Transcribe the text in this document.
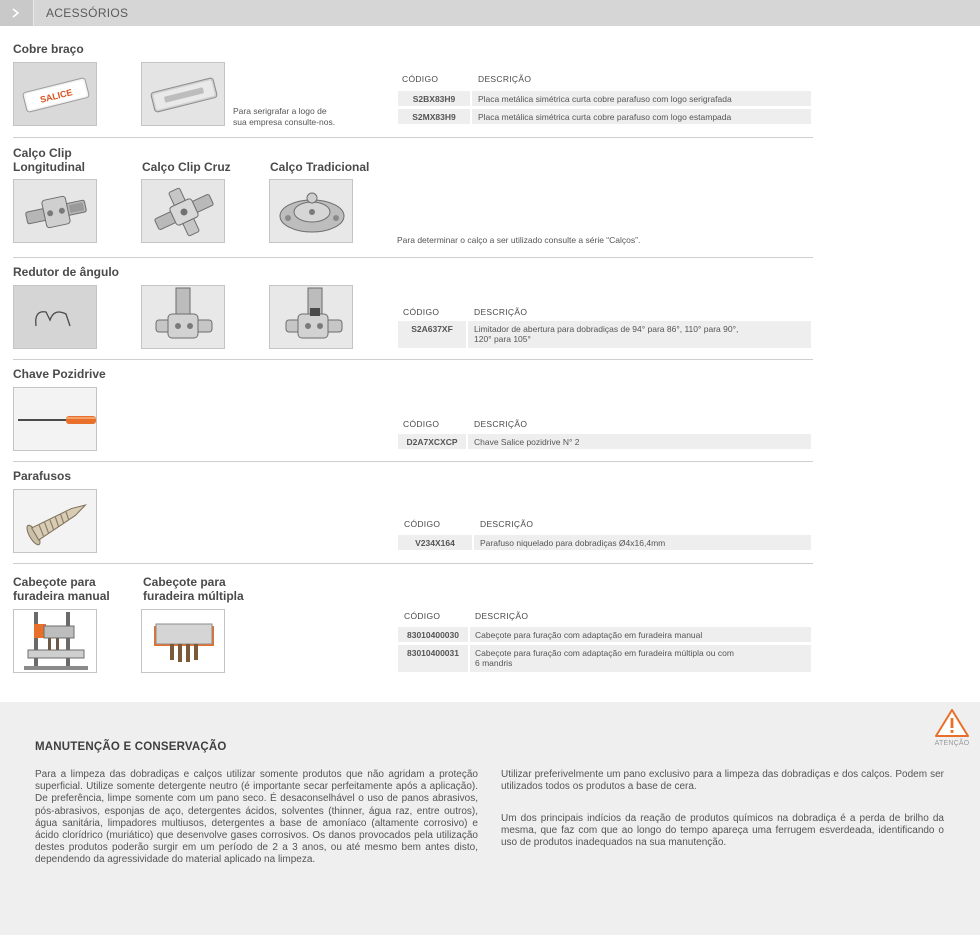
ACESSÓRIOS
Cobre braço
SALICE
Para serigrafar a logo de
sua empresa consulte-nos.
CÓDIGO	DESCRIÇÃO
S2BX83H9	Placa metálica simétrica curta cobre parafuso com logo serigrafada
S2MX83H9	Placa metálica simétrica curta cobre parafuso com logo estampada
Calço Clip
Longitudinal	Calço Clip Cruz	Calço Tradicional
Para determinar o calço a ser utilizado consulte a série “Calços”.
Redutor de ângulo
CÓDIGO	DESCRIÇÃO
S2A637XF	Limitador de abertura para dobradiças de 94° para 86°, 110° para 90°,
120° para 105°
Chave Pozidrive
CÓDIGO	DESCRIÇÃO
D2A7XCXCP	Chave Salice pozidrive N° 2
Parafusos
CÓDIGO	DESCRIÇÃO
V234X164	Parafuso niquelado para dobradiças Ø4x16,4mm
Cabeçote para
furadeira manual
Cabeçote para
furadeira múltipla
CÓDIGO	DESCRIÇÃO
83010400030	Cabeçote para furação com adaptação em furadeira manual
83010400031	Cabeçote para furação com adaptação em furadeira múltipla ou com
6 mandris
ATENÇÃO
MANUTENÇÃO E CONSERVAÇÃO
Para a limpeza das dobradiças e calços utilizar somente produtos que não agridam a proteção superficial. Utilize somente detergente neutro (é importante secar perfeitamente após a aplicação). De preferência, limpe somente com um pano seco. É desaconselhável o uso de panos abrasivos, pós-abrasivos, esponjas de aço, detergentes ácidos, solventes (thinner, água raz, entre outros), água sanitária, limpadores multiusos, detergentes a base de amoníaco (altamente corrosivo) e ácido clorídrico (muriático) que desenvolve gases corrosivos. Os danos provocados pela utilização destes produtos poderão surgir em um período de 2 a 3 anos, ou até mesmo bem antes disto, dependendo da agressividade do material aplicado na limpeza.
Utilizar preferivelmente um pano exclusivo para a limpeza das dobradiças e dos calços. Podem ser utilizados todos os produtos a base de cera.
Um dos principais indícios da reação de produtos químicos na dobradiça é a perda de brilho da mesma, que faz com que ao longo do tempo apareça uma ferrugem esverdeada, identificando o uso de produtos inadequados na sua manutenção.
